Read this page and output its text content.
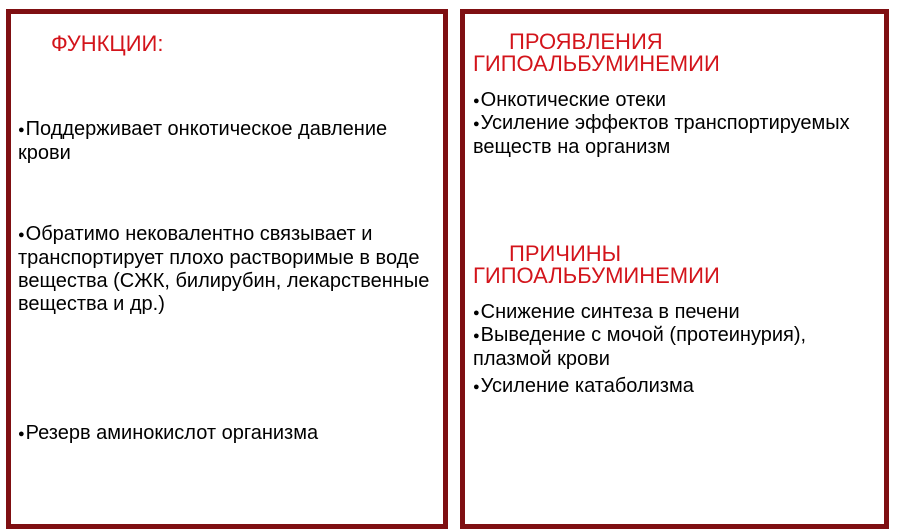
ФУНКЦИИ:
●Поддерживает онкотическое давление крови
●Обратимо нековалентно связывает и транспортирует плохо растворимые в воде вещества (СЖК, билирубин, лекарственные вещества и др.)
●Резерв аминокислот организма
ПРОЯВЛЕНИЯ
ГИПОАЛЬБУМИНЕМИИ
●Онкотические отеки
●Усиление эффектов транспортируемых веществ на организм
ПРИЧИНЫ
ГИПОАЛЬБУМИНЕМИИ
●Снижение синтеза в печени
●Выведение с мочой (протеинурия), плазмой крови
●Усиление катаболизма
